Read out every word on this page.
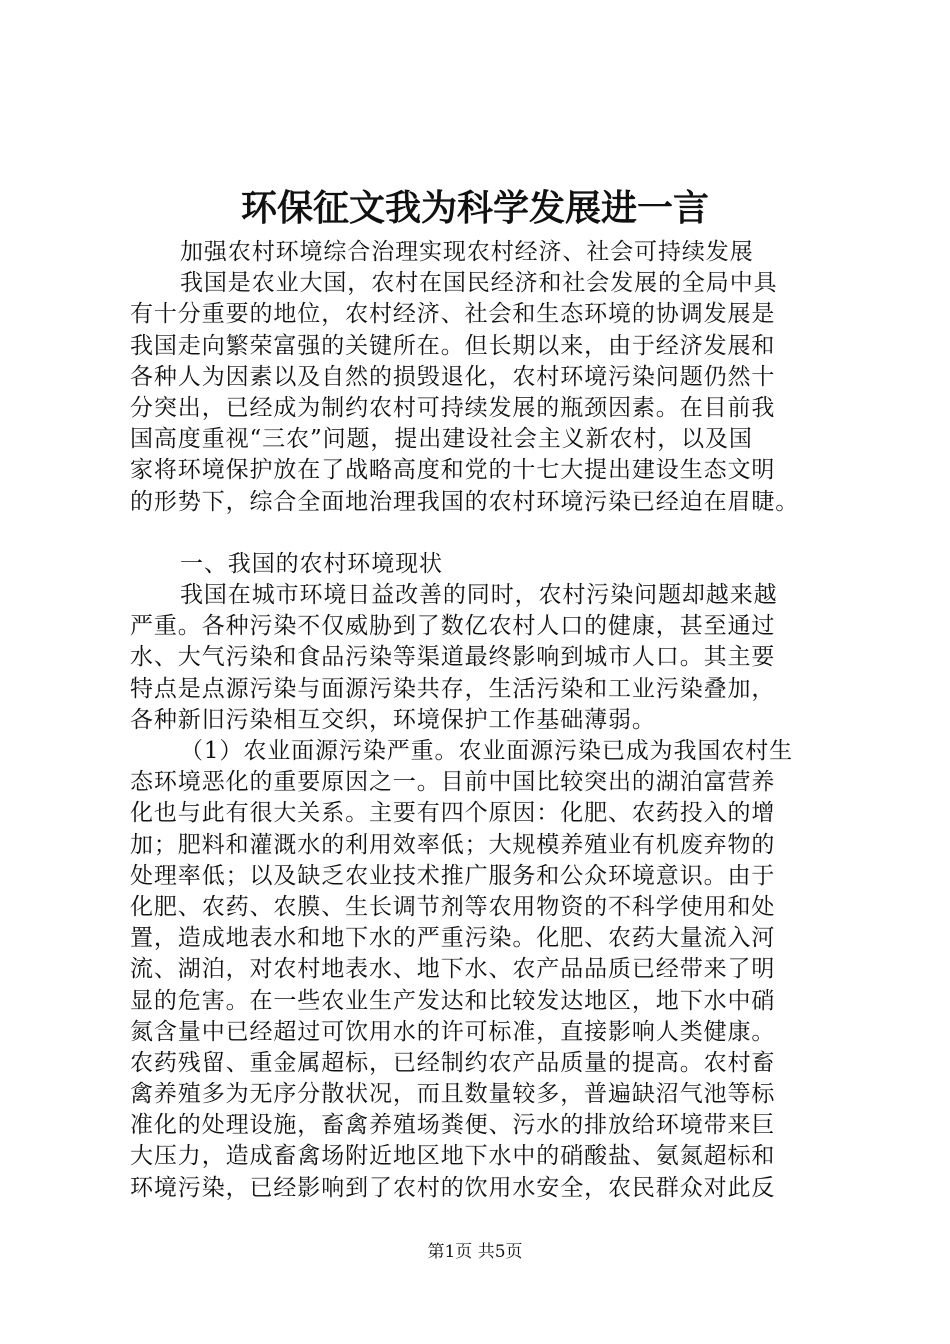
环保征文我为科学发展进一言
加强农村环境综合治理实现农村经济、社会可持续发展
我国是农业大国，农村在国民经济和社会发展的全局中具
有十分重要的地位，农村经济、社会和生态环境的协调发展是
我国走向繁荣富强的关键所在。但长期以来，由于经济发展和
各种人为因素以及自然的损毁退化，农村环境污染问题仍然十
分突出，已经成为制约农村可持续发展的瓶颈因素。在目前我
国高度重视“三农”问题，提出建设社会主义新农村，以及国
家将环境保护放在了战略高度和党的十七大提出建设生态文明
的形势下，综合全面地治理我国的农村环境污染已经迫在眉睫。
一、我国的农村环境现状
我国在城市环境日益改善的同时，农村污染问题却越来越
严重。各种污染不仅威胁到了数亿农村人口的健康，甚至通过
水、大气污染和食品污染等渠道最终影响到城市人口。其主要
特点是点源污染与面源污染共存，生活污染和工业污染叠加，
各种新旧污染相互交织，环境保护工作基础薄弱。
（1）农业面源污染严重。农业面源污染已成为我国农村生
态环境恶化的重要原因之一。目前中国比较突出的湖泊富营养
化也与此有很大关系。主要有四个原因：化肥、农药投入的增
加；肥料和灌溉水的利用效率低；大规模养殖业有机废弃物的
处理率低；以及缺乏农业技术推广服务和公众环境意识。由于
化肥、农药、农膜、生长调节剂等农用物资的不科学使用和处
置，造成地表水和地下水的严重污染。化肥、农药大量流入河
流、湖泊，对农村地表水、地下水、农产品品质已经带来了明
显的危害。在一些农业生产发达和比较发达地区，地下水中硝
氮含量中已经超过可饮用水的许可标准，直接影响人类健康。
农药残留、重金属超标，已经制约农产品质量的提高。农村畜
禽养殖多为无序分散状况，而且数量较多，普遍缺沼气池等标
准化的处理设施，畜禽养殖场粪便、污水的排放给环境带来巨
大压力，造成畜禽场附近地区地下水中的硝酸盐、氨氮超标和
环境污染，已经影响到了农村的饮用水安全，农民群众对此反
第1页 共5页
